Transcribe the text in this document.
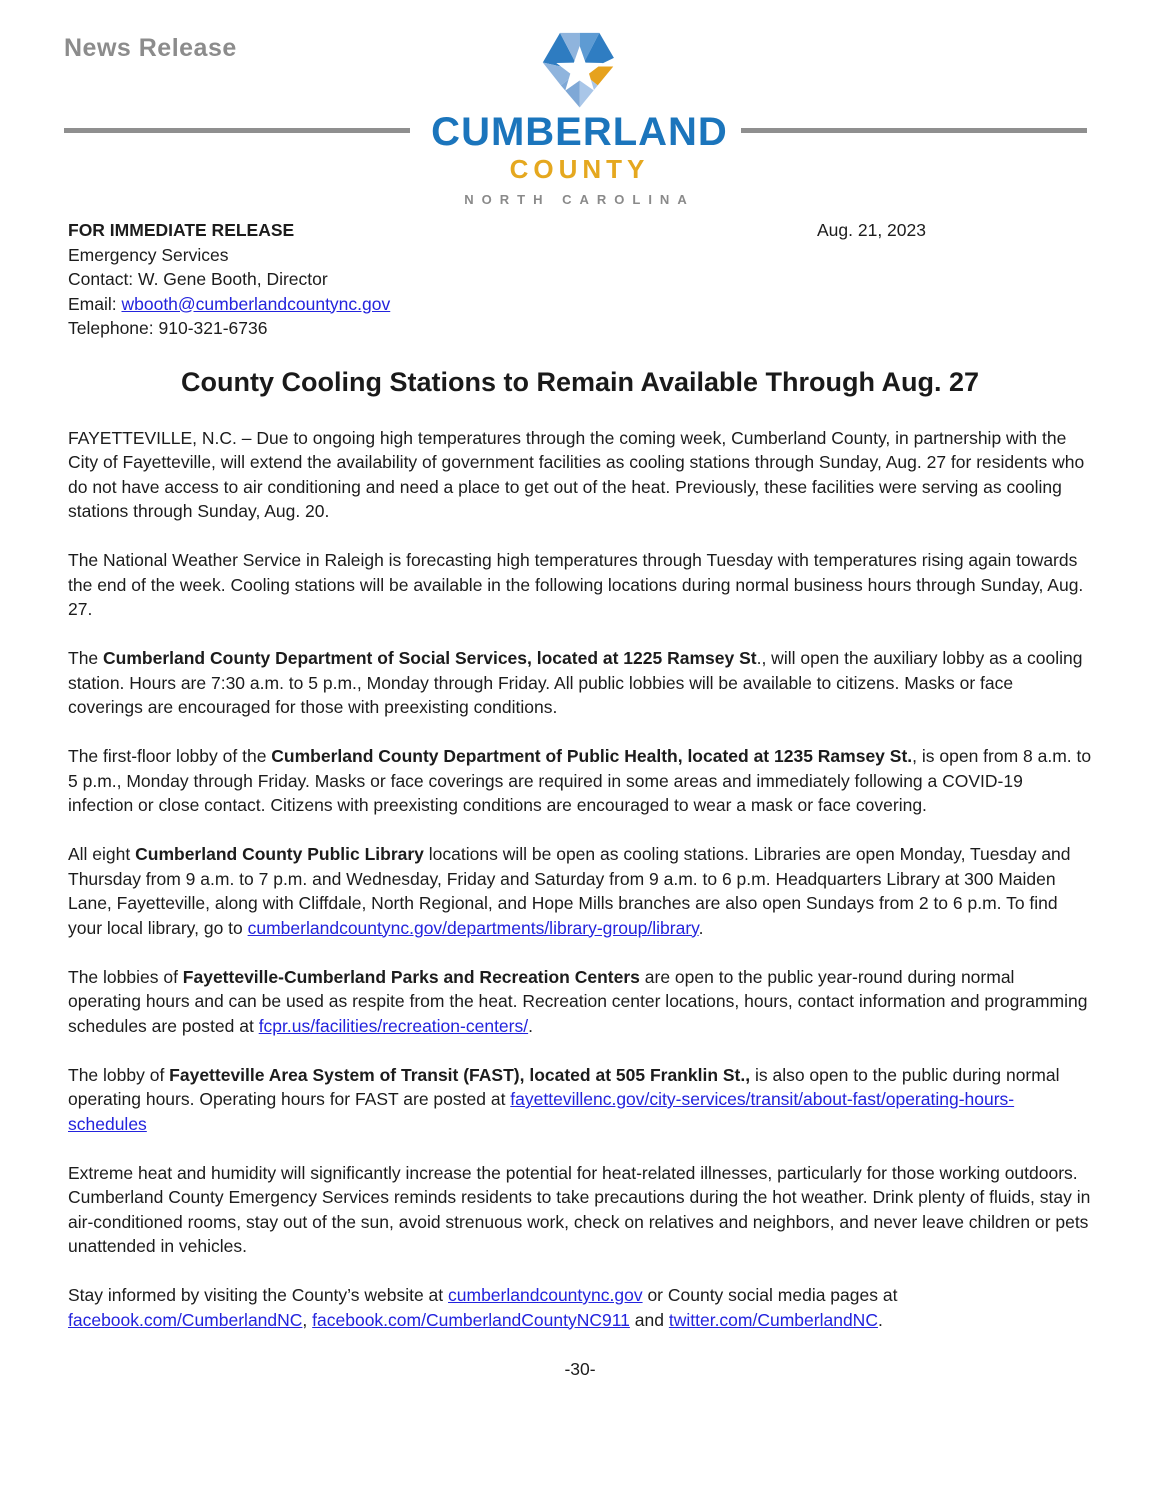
News Release
CUMBERLAND
COUNTY
NORTH CAROLINA
FOR IMMEDIATE RELEASE	Aug. 21, 2023
Emergency Services
Contact: W. Gene Booth, Director
Email: wbooth@cumberlandcountync.gov
Telephone: 910-321-6736
County Cooling Stations to Remain Available Through Aug. 27

FAYETTEVILLE, N.C. – Due to ongoing high temperatures through the coming week, Cumberland County, in partnership with the City of Fayetteville, will extend the availability of government facilities as cooling stations through Sunday, Aug. 27 for residents who do not have access to air conditioning and need a place to get out of the heat. Previously, these facilities were serving as cooling stations through Sunday, Aug. 20.

The National Weather Service in Raleigh is forecasting high temperatures through Tuesday with temperatures rising again towards the end of the week. Cooling stations will be available in the following locations during normal business hours through Sunday, Aug. 27.

The Cumberland County Department of Social Services, located at 1225 Ramsey St., will open the auxiliary lobby as a cooling station. Hours are 7:30 a.m. to 5 p.m., Monday through Friday. All public lobbies will be available to citizens. Masks or face coverings are encouraged for those with preexisting conditions.

The first-floor lobby of the Cumberland County Department of Public Health, located at 1235 Ramsey St., is open from 8 a.m. to 5 p.m., Monday through Friday. Masks or face coverings are required in some areas and immediately following a COVID-19 infection or close contact. Citizens with preexisting conditions are encouraged to wear a mask or face covering.

All eight Cumberland County Public Library locations will be open as cooling stations. Libraries are open Monday, Tuesday and Thursday from 9 a.m. to 7 p.m. and Wednesday, Friday and Saturday from 9 a.m. to 6 p.m. Headquarters Library at 300 Maiden Lane, Fayetteville, along with Cliffdale, North Regional, and Hope Mills branches are also open Sundays from 2 to 6 p.m. To find your local library, go to cumberlandcountync.gov/departments/library-group/library.

The lobbies of Fayetteville-Cumberland Parks and Recreation Centers are open to the public year-round during normal operating hours and can be used as respite from the heat. Recreation center locations, hours, contact information and programming schedules are posted at fcpr.us/facilities/recreation-centers/.

The lobby of Fayetteville Area System of Transit (FAST), located at 505 Franklin St., is also open to the public during normal operating hours. Operating hours for FAST are posted at fayettevillenc.gov/city-services/transit/about-fast/operating-hours-schedules

Extreme heat and humidity will significantly increase the potential for heat-related illnesses, particularly for those working outdoors. Cumberland County Emergency Services reminds residents to take precautions during the hot weather. Drink plenty of fluids, stay in air-conditioned rooms, stay out of the sun, avoid strenuous work, check on relatives and neighbors, and never leave children or pets unattended in vehicles.

Stay informed by visiting the County’s website at cumberlandcountync.gov or County social media pages at facebook.com/CumberlandNC, facebook.com/CumberlandCountyNC911 and twitter.com/CumberlandNC.

-30-
